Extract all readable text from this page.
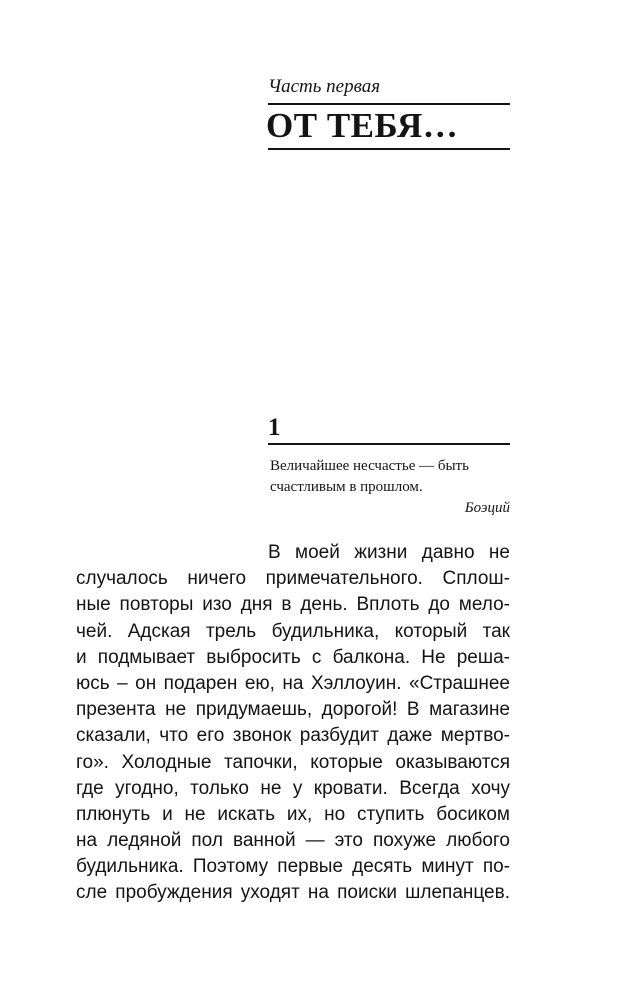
Часть первая

ОТ ТЕБЯ…
1
Величайшее несчастье — быть
счастливым в прошлом.
Боэций
В моей жизни давно не
случалось ничего примечательного. Сплош-
ные повторы изо дня в день. Вплоть до мело-
чей. Адская трель будильника, который так
и подмывает выбросить с балкона. Не реша-
юсь – он подарен ею, на Хэллоуин. «Страшнее
презента не придумаешь, дорогой! В магазине
сказали, что его звонок разбудит даже мертво-
го». Холодные тапочки, которые оказываются
где угодно, только не у кровати. Всегда хочу
плюнуть и не искать их, но ступить босиком
на ледяной пол ванной — это похуже любого
будильника. Поэтому первые десять минут по-
сле пробуждения уходят на поиски шлепанцев.
